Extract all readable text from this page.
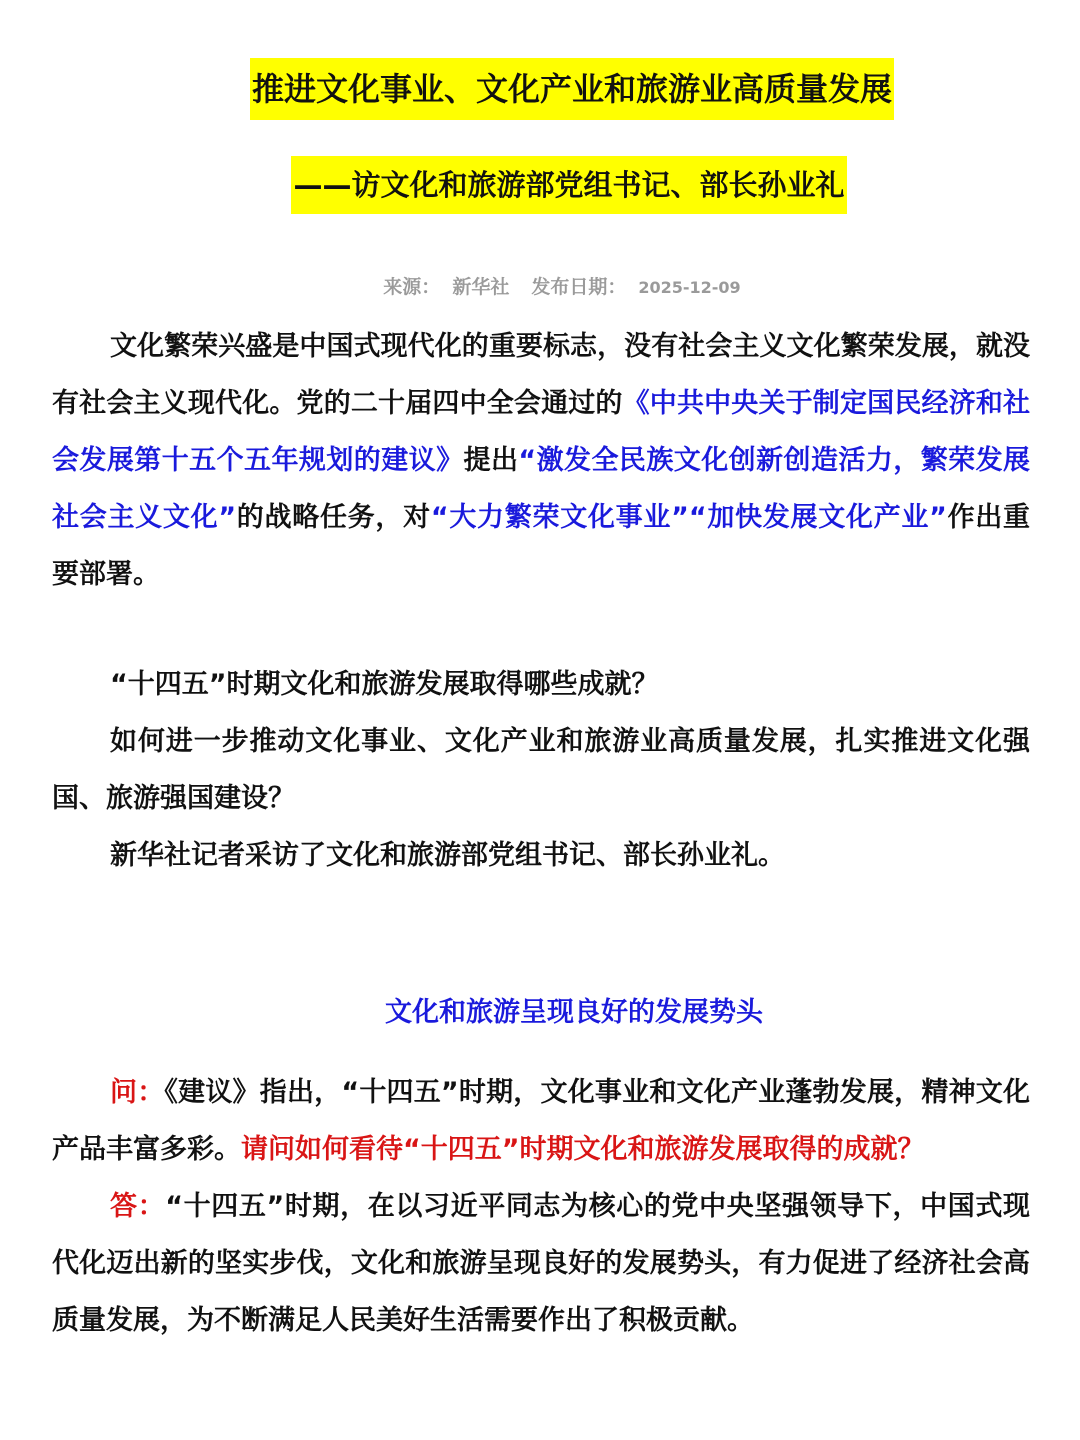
推进文化事业、文化产业和旅游业高质量发展
——访文化和旅游部党组书记、部长孙业礼
来源： 新华社 发布日期： 2025-12-09

文化繁荣兴盛是中国式现代化的重要标志，没有社会主义文化繁荣发展，就没有社会主义现代化。党的二十届四中全会通过的《中共中央关于制定国民经济和社会发展第十五个五年规划的建议》提出“激发全民族文化创新创造活力，繁荣发展社会主义文化”的战略任务，对“大力繁荣文化事业”“加快发展文化产业”作出重要部署。

“十四五”时期文化和旅游发展取得哪些成就？

如何进一步推动文化事业、文化产业和旅游业高质量发展，扎实推进文化强国、旅游强国建设？

新华社记者采访了文化和旅游部党组书记、部长孙业礼。

文化和旅游呈现良好的发展势头

问：《建议》指出，“十四五”时期，文化事业和文化产业蓬勃发展，精神文化产品丰富多彩。请问如何看待“十四五”时期文化和旅游发展取得的成就？

答：“十四五”时期，在以习近平同志为核心的党中央坚强领导下，中国式现代化迈出新的坚实步伐，文化和旅游呈现良好的发展势头，有力促进了经济社会高质量发展，为不断满足人民美好生活需要作出了积极贡献。
